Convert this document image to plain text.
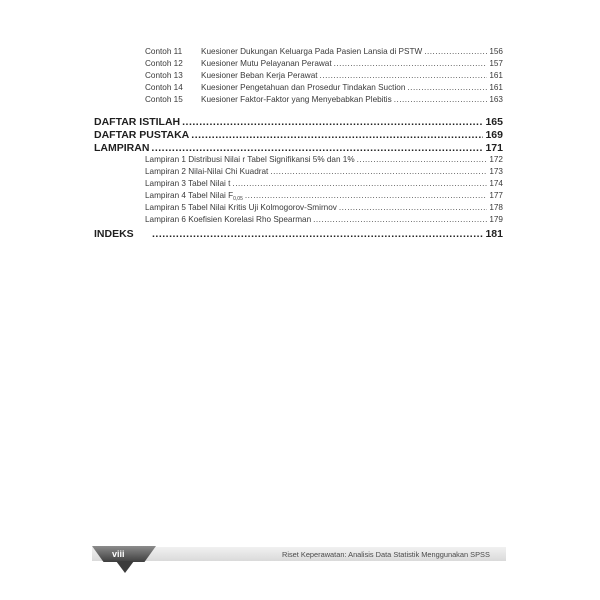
Contoh 11	Kuesioner Dukungan Keluarga Pada Pasien Lansia di PSTW .....	156
Contoh 12	Kuesioner Mutu Pelayanan Perawat .....	157
Contoh 13	Kuesioner Beban Kerja Perawat .....	161
Contoh 14	Kuesioner Pengetahuan dan Prosedur Tindakan Suction .....	161
Contoh 15	Kuesioner Faktor-Faktor yang Menyebabkan Plebitis .....	163
DAFTAR ISTILAH .....	165
DAFTAR PUSTAKA .....	169
LAMPIRAN .....	171
Lampiran 1 Distribusi Nilai r Tabel Signifikansi 5% dan 1% .....	172
Lampiran 2 Nilai-Nilai Chi Kuadrat .....	173
Lampiran 3 Tabel Nilai t .....	174
Lampiran 4 Tabel Nilai $F_{0,05}$ .....	177
Lampiran 5 Tabel Nilai Kritis Uji Kolmogorov-Smirnov .....	178
Lampiran 6 Koefisien Korelasi Rho Spearman .....	179
INDEKS .....	181
viii	Riset Keperawatan: Analisis Data Statistik Menggunakan SPSS
